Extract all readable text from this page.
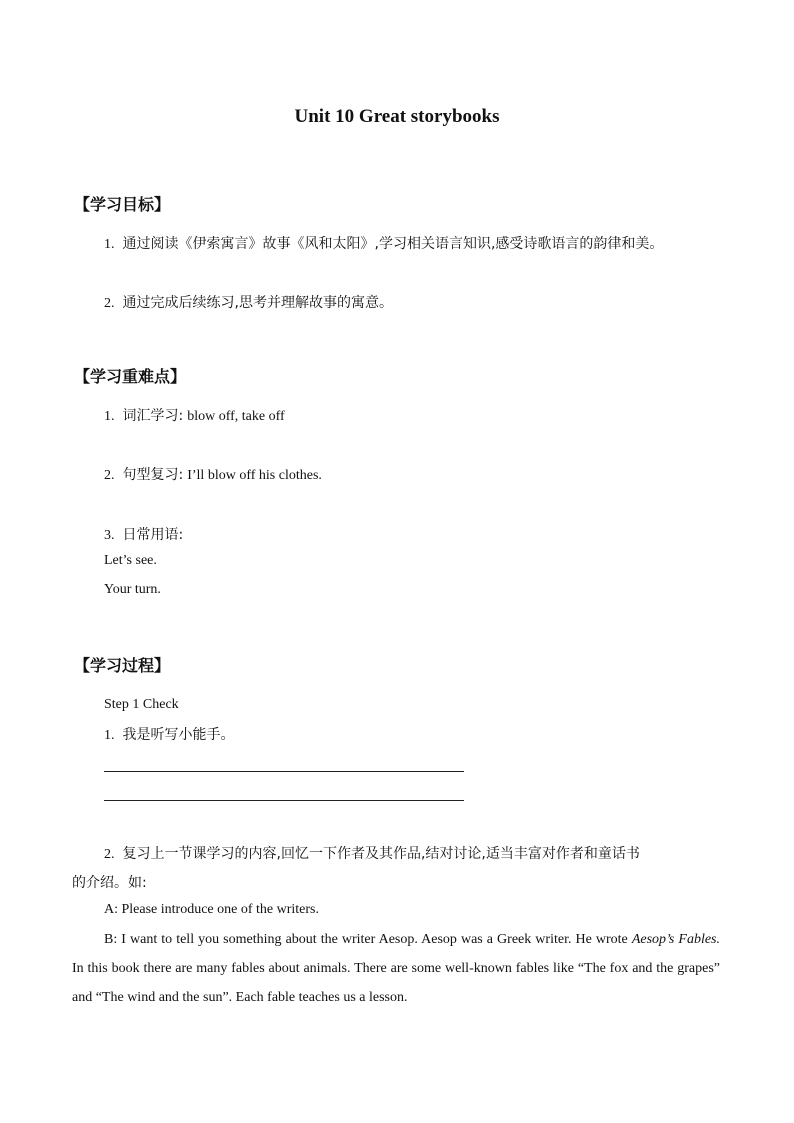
Unit 10 Great storybooks
【学习目标】
1. 通过阅读《伊索寓言》故事《风和太阳》,学习相关语言知识,感受诗歌语言的韵律和美。
2. 通过完成后续练习,思考并理解故事的寓意。
【学习重难点】
1. 词汇学习: blow off, take off
2. 句型复习: I’ll blow off his clothes.
3. 日常用语:
Let’s see.
Your turn.
【学习过程】
Step 1 Check
1. 我是听写小能手。
2. 复习上一节课学习的内容,回忆一下作者及其作品,结对讨论,适当丰富对作者和童话书
的介绍。如:
A: Please introduce one of the writers.
B: I want to tell you something about the writer Aesop. Aesop was a Greek writer. He wrote Aesop’s Fables. In this book there are many fables about animals. There are some well-known fables like “The fox and the grapes” and “The wind and the sun”. Each fable teaches us a lesson.
